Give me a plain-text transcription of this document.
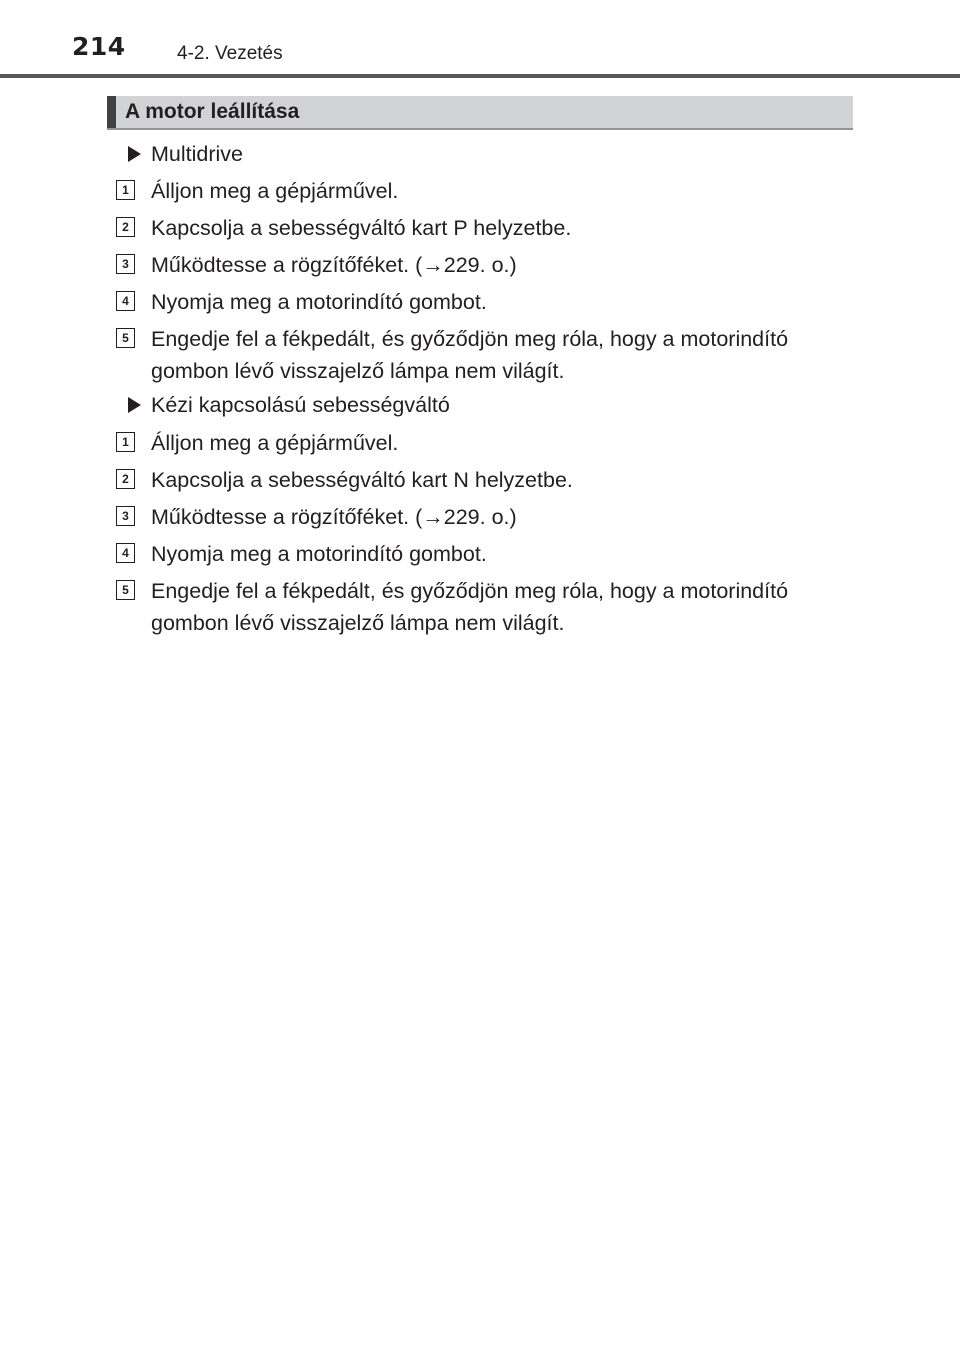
214	4-2. Vezetés
A motor leállítása
Multidrive
1 Álljon meg a gépjárművel.
2 Kapcsolja a sebességváltó kart P helyzetbe.
3 Működtesse a rögzítőféket. (→229. o.)
4 Nyomja meg a motorindító gombot.
5 Engedje fel a fékpedált, és győződjön meg róla, hogy a motorindító gombon lévő visszajelző lámpa nem világít.
Kézi kapcsolású sebességváltó
1 Álljon meg a gépjárművel.
2 Kapcsolja a sebességváltó kart N helyzetbe.
3 Működtesse a rögzítőféket. (→229. o.)
4 Nyomja meg a motorindító gombot.
5 Engedje fel a fékpedált, és győződjön meg róla, hogy a motorindító gombon lévő visszajelző lámpa nem világít.
